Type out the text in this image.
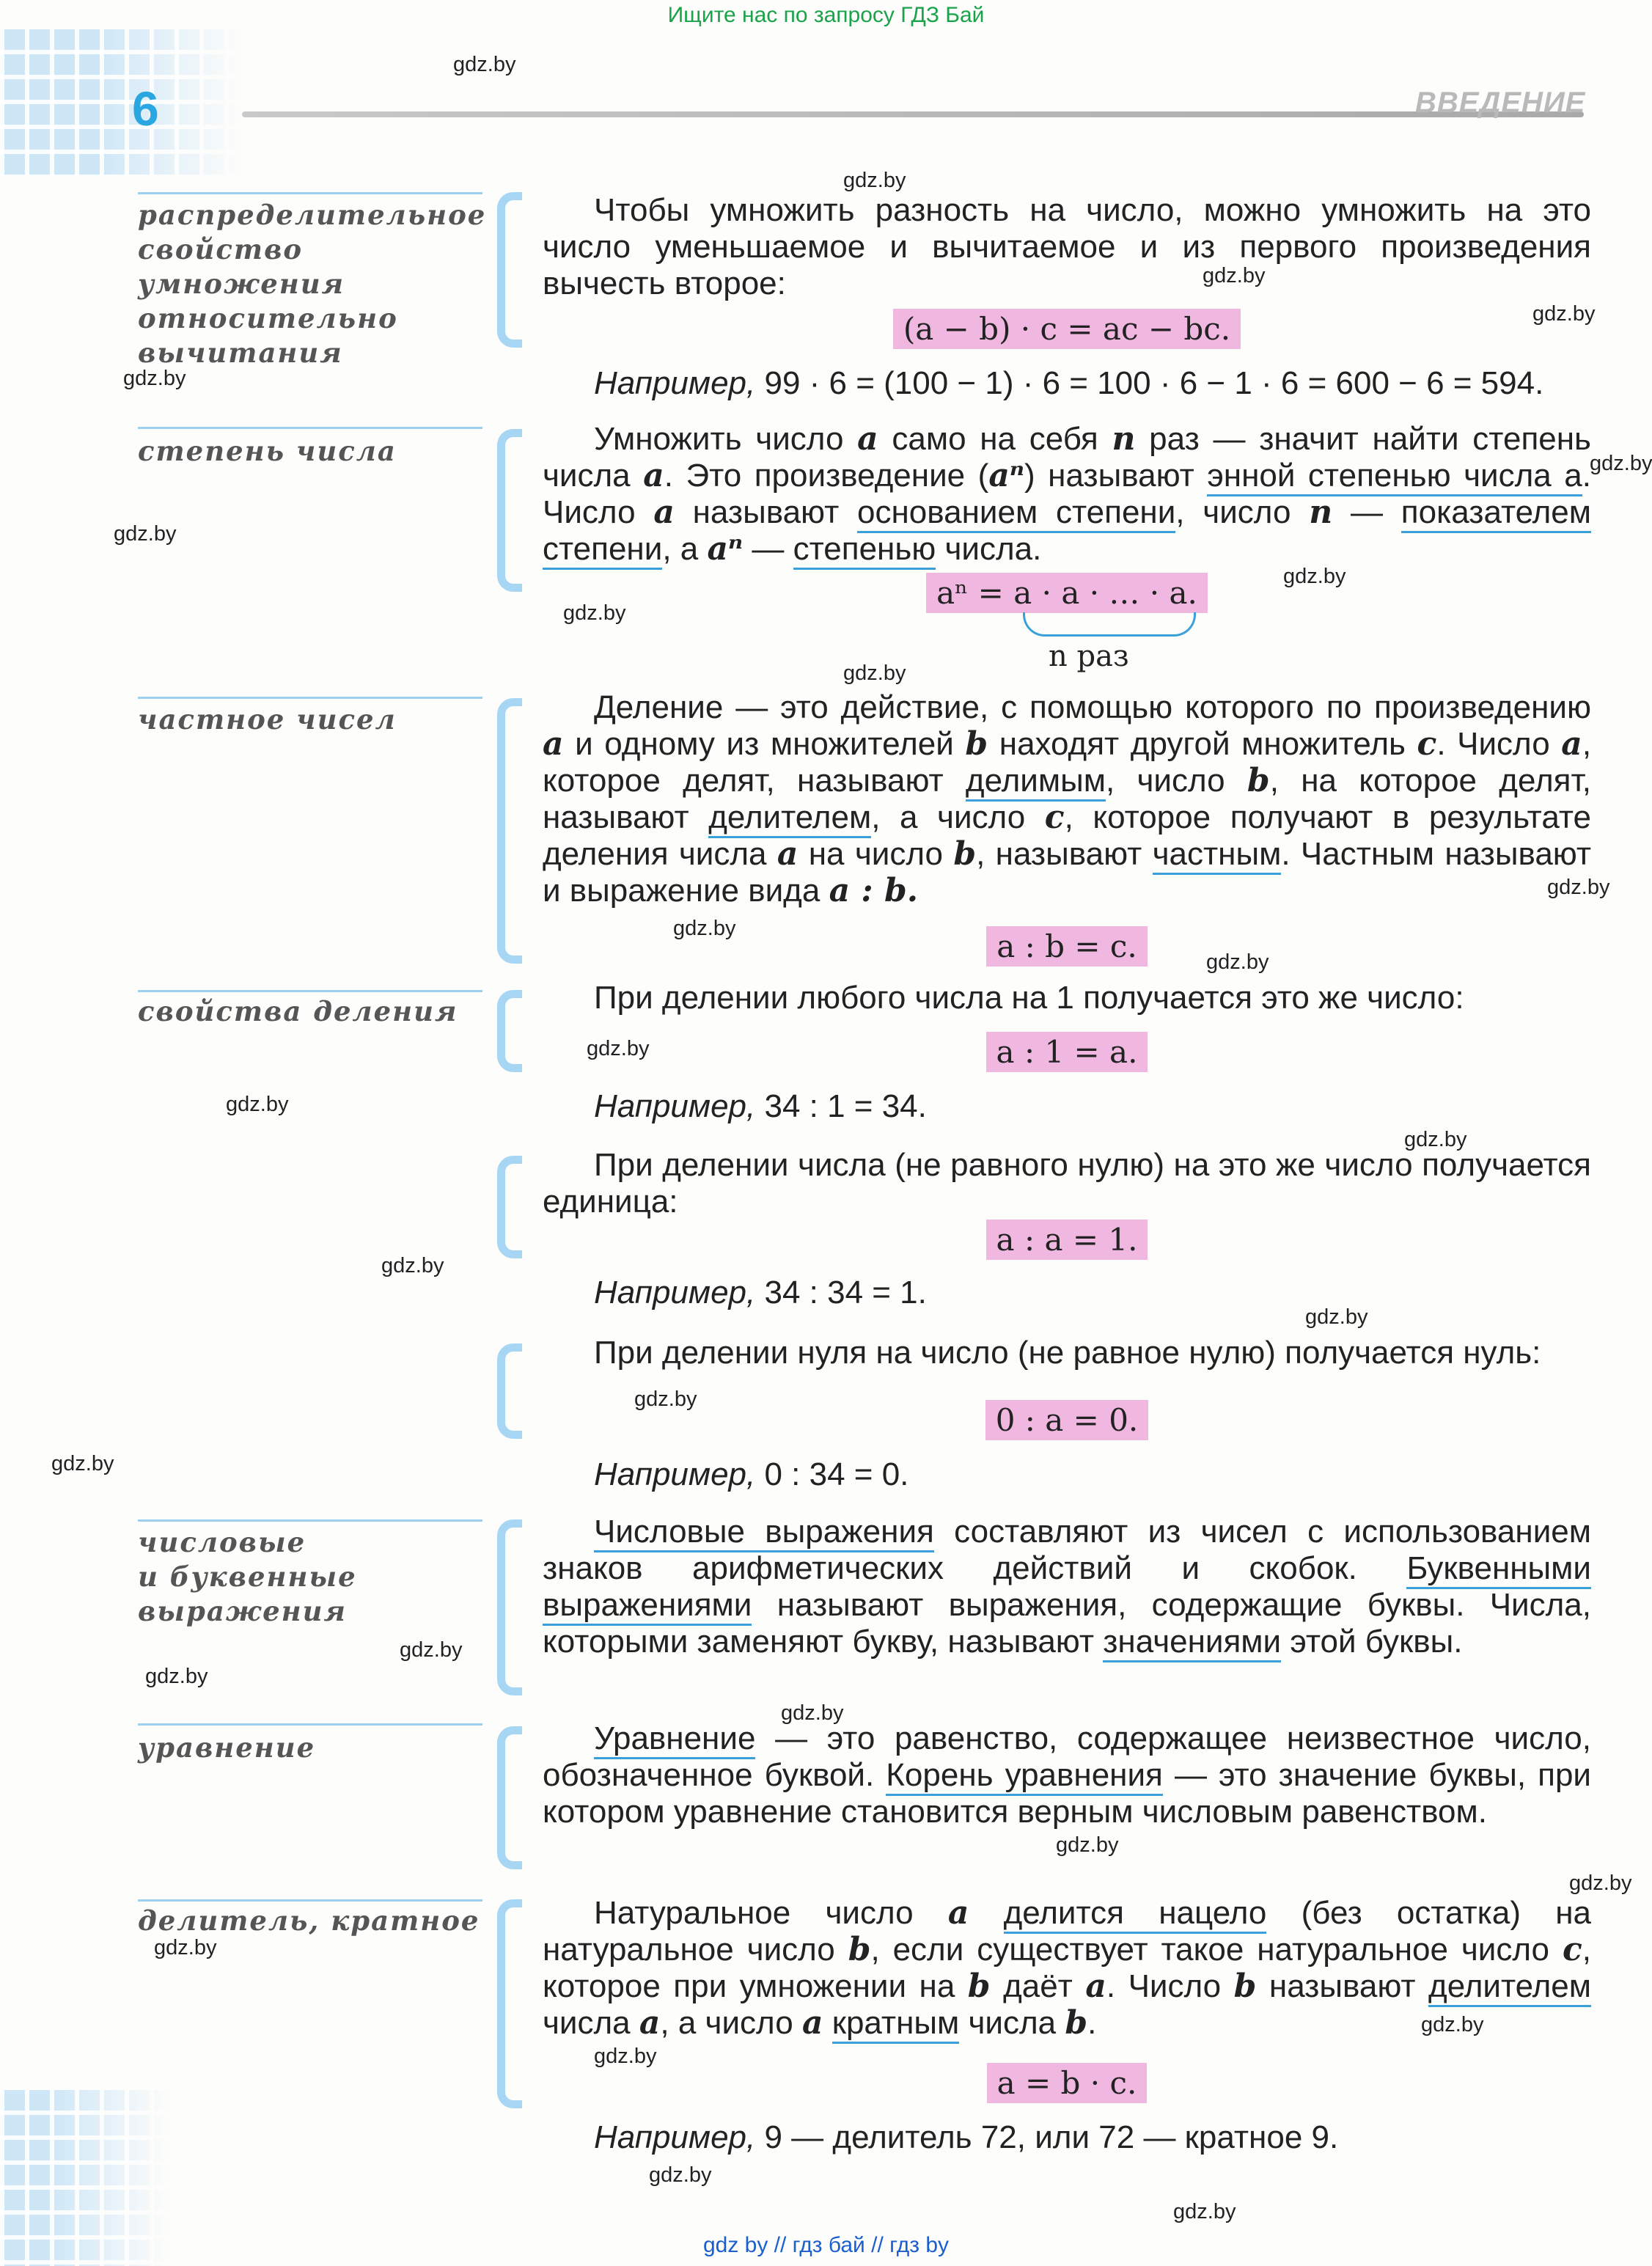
Ищите нас по запросу ГДЗ Бай
6	ВВЕДЕНИЕ
gdz.by
gdz.by
gdz.by
gdz.by
gdz.by
gdz.by
gdz.by
gdz.by
gdz.by
gdz.by
gdz.by
gdz.by
gdz.by
gdz.by
gdz.by
gdz.by
gdz.by
gdz.by
gdz.by
gdz.by
gdz.by
gdz.by
gdz.by
gdz.by
gdz.by
gdz.by
gdz.by
gdz.by
gdz.by
gdz.by
распределительное
свойство умножения
относительно
вычитания
Чтобы умножить разность на число, можно умножить на это число уменьшаемое и вычитаемое и из первого произведения вычесть второе:
(a − b) · c = ac − bc.
Например, 99 · 6 = (100 − 1) · 6 = 100 · 6 − 1 · 6 = 600 − 6 = 594.
степень числа	Умножить число a само на себя n раз — значит найти степень числа a. Это произведение (aⁿ) называют энной степенью числа a. Число a называют основанием степени, число n — показателем степени, а aⁿ — степенью числа.
aⁿ = a · a · … · a.
n раз
частное чисел	Деление — это действие, с помощью которого по произведению a и одному из множителей b находят другой множитель c. Число a, которое делят, называют делимым, число b, на которое делят, называют делителем, а число c, которое получают в результате деления числа a на число b, называют частным. Частным называют и выражение вида a : b.
a : b = c.
свойства деления	При делении любого числа на 1 получается это же число:
a : 1 = a.
Например, 34 : 1 = 34.
При делении числа (не равного нулю) на это же число получается единица:
a : a = 1.
Например, 34 : 34 = 1.
При делении нуля на число (не равное нулю) получается нуль:
0 : a = 0.
Например, 0 : 34 = 0.
числовые
и буквенные
выражения
Числовые выражения составляют из чисел с использованием знаков арифметических действий и скобок. Буквенными выражениями называют выражения, содержащие буквы. Числа, которыми заменяют букву, называют значениями этой буквы.
уравнение	Уравнение — это равенство, содержащее неизвестное число, обозначенное буквой. Корень уравнения — это значение буквы, при котором уравнение становится верным числовым равенством.
делитель, кратное	Натуральное число a делится нацело (без остатка) на натуральное число b, если существует такое натуральное число c, которое при умножении на b даёт a. Число b называют делителем числа a, а число a кратным числа b.
a = b · c.
Например, 9 — делитель 72, или 72 — кратное 9.
gdz by // гдз бай // гдз by
